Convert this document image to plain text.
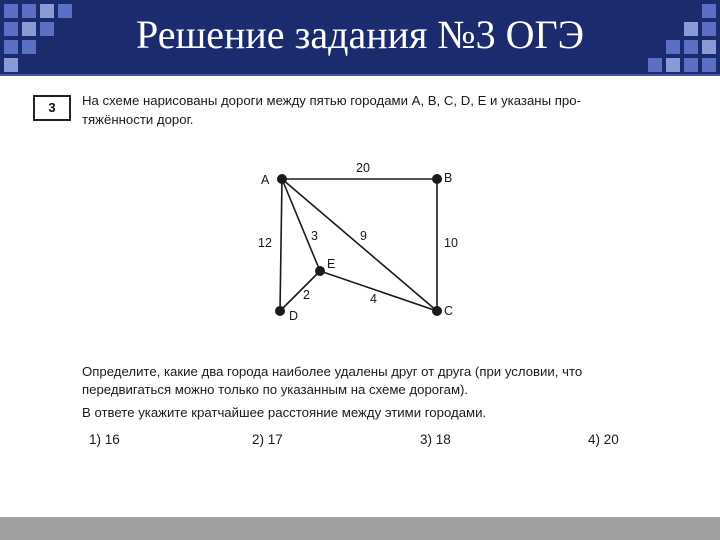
Решение задания №3 ОГЭ
3	На схеме нарисованы дороги между пятью городами A, B, C, D, E и указаны про-
тяжённости дорог.
A	B
C
D
E
20
10
12	3	9
2	4
Определите, какие два города наиболее удалены друг от друга (при условии, что
передвигаться можно только по указанным на схеме дорогам).
В ответе укажите кратчайшее расстояние между этими городами.
1) 16	2) 17	3) 18	4) 20
